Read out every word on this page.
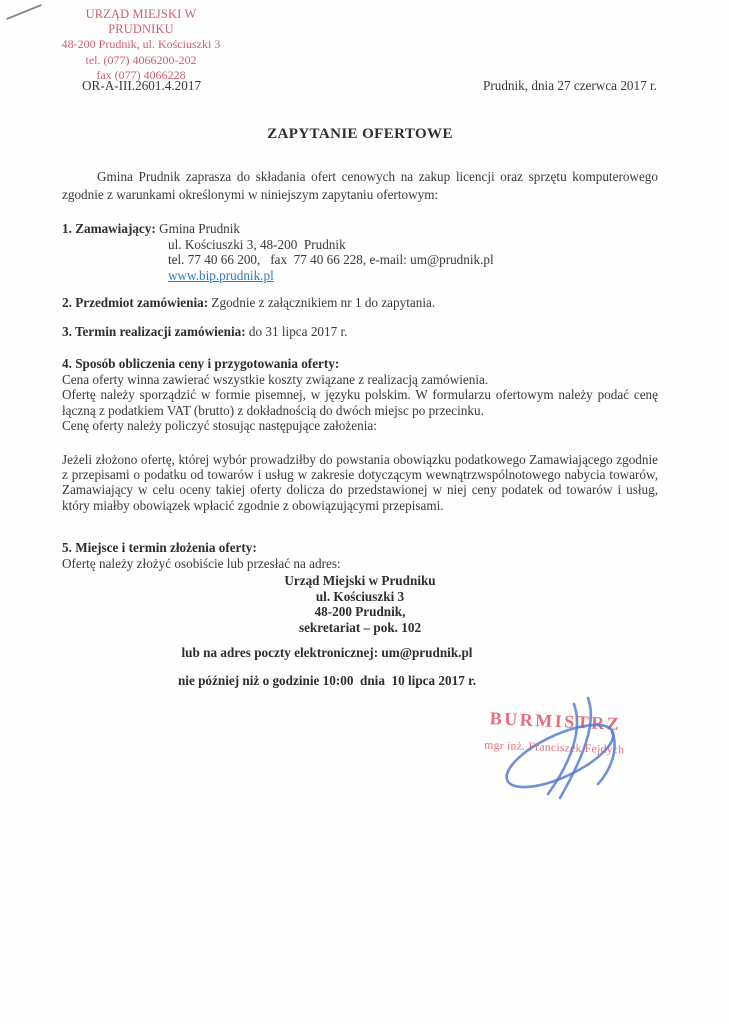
URZĄD MIEJSKI W PRUDNIKU
48-200 Prudnik, ul. Kościuszki 3
tel. (077) 4066200-202
fax (077) 4066228
OR-A-III.2601.4.2017	Prudnik, dnia 27 czerwca 2017 r.
ZAPYTANIE OFERTOWE
Gmina Prudnik zaprasza do składania ofert cenowych na zakup licencji oraz sprzętu komputerowego zgodnie z warunkami określonymi w niniejszym zapytaniu ofertowym:
1. Zamawiający: Gmina Prudnik
ul. Kościuszki 3, 48-200  Prudnik
tel. 77 40 66 200,   fax  77 40 66 228, e-mail: um@prudnik.pl
www.bip.prudnik.pl
2. Przedmiot zamówienia: Zgodnie z załącznikiem nr 1 do zapytania.
3. Termin realizacji zamówienia: do 31 lipca 2017 r.
4. Sposób obliczenia ceny i przygotowania oferty:
Cena oferty winna zawierać wszystkie koszty związane z realizacją zamówienia.
Ofertę należy sporządzić w formie pisemnej, w języku polskim. W formularzu ofertowym należy podać cenę łączną z podatkiem VAT (brutto) z dokładnością do dwóch miejsc po przecinku.
Cenę oferty należy policzyć stosując następujące założenia:
Jeżeli złożono ofertę, której wybór prowadziłby do powstania obowiązku podatkowego Zamawiającego zgodnie z przepisami o podatku od towarów i usług w zakresie dotyczącym wewnątrzwspólnotowego nabycia towarów, Zamawiający w celu oceny takiej oferty dolicza do przedstawionej w niej ceny podatek od towarów i usług, który miałby obowiązek wpłacić zgodnie z obowiązującymi przepisami.
5. Miejsce i termin złożenia oferty:
Ofertę należy złożyć osobiście lub przesłać na adres:
Urząd Miejski w Prudniku
ul. Kościuszki 3
48-200 Prudnik,
sekretariat – pok. 102
lub na adres poczty elektronicznej: um@prudnik.pl
nie później niż o godzinie 10:00  dnia  10 lipca 2017 r.
BURMISTRZ
mgr inż. Franciszek Fejdych
